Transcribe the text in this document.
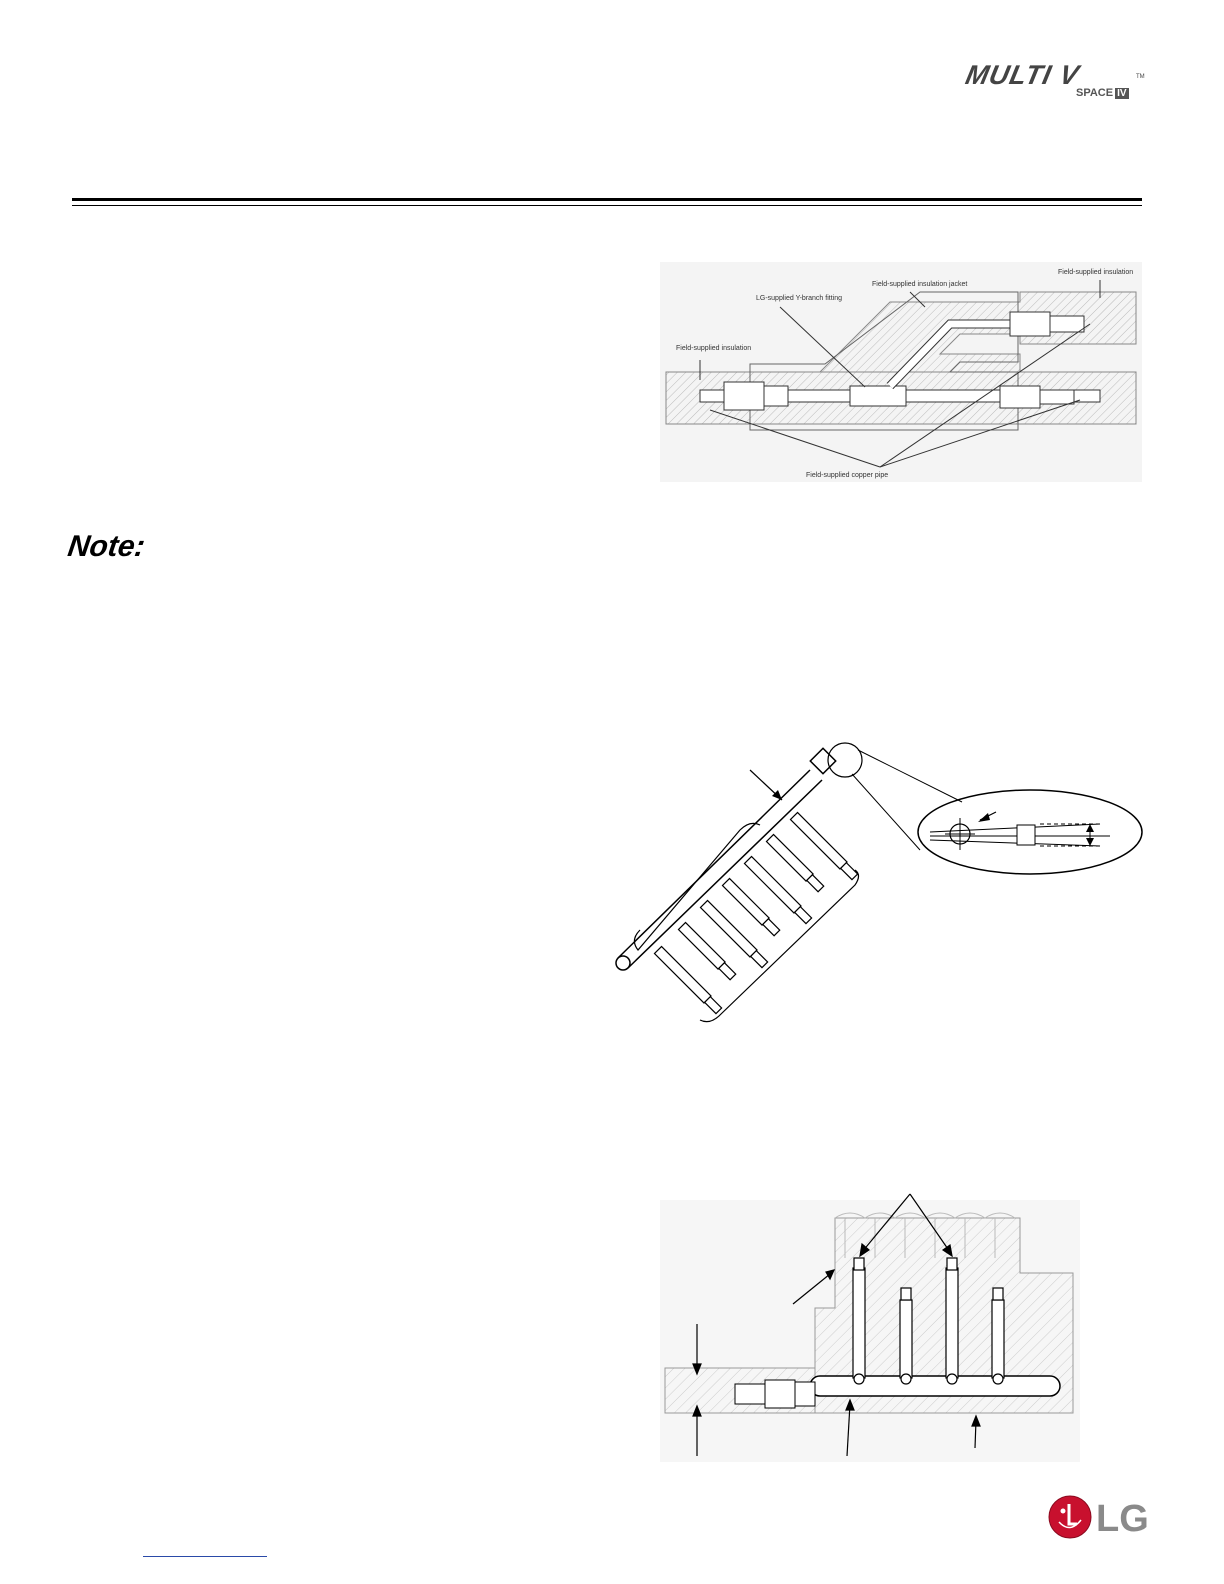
MULTI V	TM
SPACE IV
Field-supplied insulation
LG-supplied Y-branch fitting
Field-supplied insulation jacket
Field-supplied insulation
Field-supplied copper pipe
Note:
LG
